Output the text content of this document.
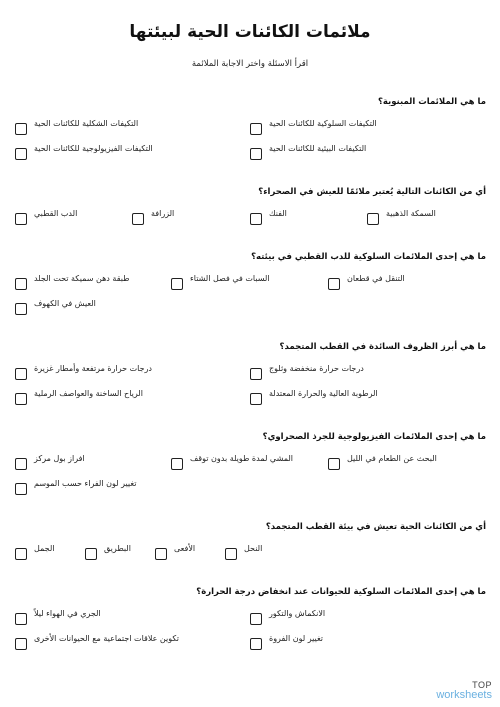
ملائمات الكائنات الحية لبيئتها
اقرأ الاسئلة واختر الاجابة الملائمة
ما هي الملائمات المبنوية؟
التكيفات السلوكية للكائنات الحية
التكيفات الشكلية للكائنات الحية
التكيفات البيئية للكائنات الحية
التكيفات الفيزيولوجية للكائنات الحية
أي من الكائنات التالية يُعتبر ملائمًا للعيش في الصحراء؟
السمكة الذهبية
الفنك
الزرافة
الدب القطبي
ما هي إحدى الملائمات السلوكية للدب القطبي في بيئته؟
التنقل في قطعان
السبات في فصل الشتاء
طبقة دهن سميكة تحت الجلد
العيش في الكهوف
ما هي أبرز الظروف السائدة في القطب المتجمد؟
درجات حرارة منخفضة وثلوج
درجات حرارة مرتفعة وأمطار غزيرة
الرطوبة العالية والحرارة المعتدلة
الرياح الساخنة والعواصف الرملية
ما هي إحدى الملائمات الفيزيولوجية للجرذ الصحراوي؟
البحث عن الطعام في الليل
المشي لمدة طويلة بدون توقف
افراز بول مركز
تغيير لون الفراء حسب الموسم
أي من الكائنات الحية تعيش في بيئة القطب المتجمد؟
النحل
الأفعى
البطريق
الجمل
ما هي إحدى الملائمات السلوكية للحيوانات عند انخفاض درجة الحرارة؟
الانكماش والتكور
الجري في الهواء ليلاً
تغيير لون الفروة
تكوين علاقات اجتماعية مع الحيوانات الأخرى
TOP
worksheets
